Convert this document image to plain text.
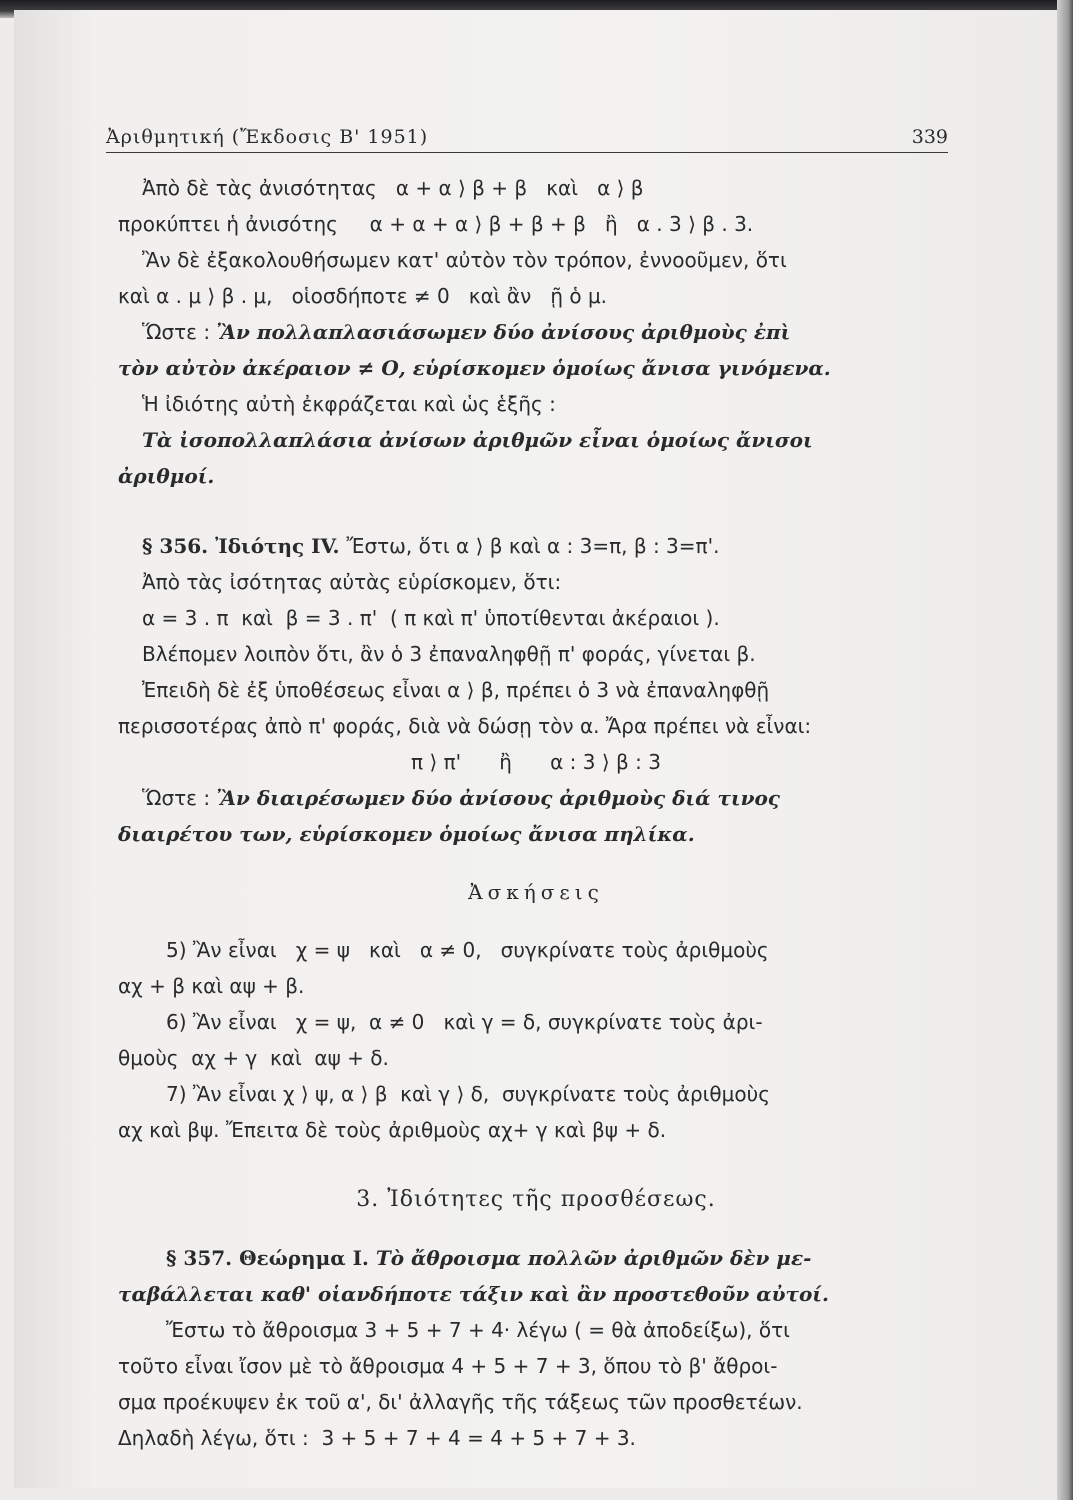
Ἀριθμητική (Ἔκδοσις Β' 1951)	339
Ἀπὸ δὲ τὰς ἀνισότητας   α + α ⟩ β + β   καὶ   α ⟩ β
προκύπτει ἡ ἀνισότης     α + α + α ⟩ β + β + β   ἢ   α . 3 ⟩ β . 3.
Ἂν δὲ ἐξακολουθήσωμεν κατ' αὐτὸν τὸν τρόπον, ἐννοοῦμεν, ὅτι
καὶ α . μ ⟩ β . μ,   οἱοσδήποτε ≠ 0   καὶ ἂν   ῇ ὁ μ.
Ὥστε : Ἂν πολλαπλασιάσωμεν δύο ἀνίσους ἀριθμοὺς ἐπὶ
τὸν αὐτὸν ἀκέραιον ≠ Ο, εὑρίσκομεν ὁμοίως ἄνισα γινόμενα.
Ἡ ἰδιότης αὐτὴ ἐκφράζεται καὶ ὡς ἑξῆς :
Τὰ ἰσοπολλαπλάσια ἀνίσων ἀριθμῶν εἶναι ὁμοίως ἄνισοι
ἀριθμοί.
§ 356. Ἰδιότης IV. Ἔστω, ὅτι α ⟩ β καὶ α : 3=π, β : 3=π'.
Ἀπὸ τὰς ἰσότητας αὐτὰς εὑρίσκομεν, ὅτι:
α = 3 . π  καὶ  β = 3 . π'  ( π καὶ π' ὑποτίθενται ἀκέραιοι ).
Βλέπομεν λοιπὸν ὅτι, ἂν ὁ 3 ἐπαναληφθῇ π' φοράς, γίνεται β.
Ἐπειδὴ δὲ ἐξ ὑποθέσεως εἶναι α ⟩ β, πρέπει ὁ 3 νὰ ἐπαναληφθῇ
περισσοτέρας ἀπὸ π' φοράς, διὰ νὰ δώσῃ τὸν α. Ἄρα πρέπει νὰ εἶναι:
π ⟩ π'      ἢ      α : 3 ⟩ β : 3
Ὥστε : Ἂν διαιρέσωμεν δύο ἀνίσους ἀριθμοὺς διά τινος
διαιρέτου των, εὑρίσκομεν ὁμοίως ἄνισα πηλίκα.
Ἀσκήσεις
5) Ἂν εἶναι   χ = ψ   καὶ   α ≠ 0,   συγκρίνατε τοὺς ἀριθμοὺς
αχ + β καὶ αψ + β.
6) Ἂν εἶναι   χ = ψ,  α ≠ 0   καὶ γ = δ, συγκρίνατε τοὺς ἀρι-
θμοὺς  αχ + γ  καὶ  αψ + δ.
7) Ἂν εἶναι χ ⟩ ψ, α ⟩ β  καὶ γ ⟩ δ,  συγκρίνατε τοὺς ἀριθμοὺς
αχ καὶ βψ. Ἔπειτα δὲ τοὺς ἀριθμοὺς αχ+ γ καὶ βψ + δ.
3. Ἰδιότητες τῆς προσθέσεως.
§ 357. Θεώρημα I. Τὸ ἄθροισμα πολλῶν ἀριθμῶν δὲν με-
ταβάλλεται καθ' οἱανδήποτε τάξιν καὶ ἂν προστεθοῦν αὐτοί.
Ἔστω τὸ ἄθροισμα 3 + 5 + 7 + 4· λέγω ( = θὰ ἀποδείξω), ὅτι
τοῦτο εἶναι ἴσον μὲ τὸ ἄθροισμα 4 + 5 + 7 + 3, ὅπου τὸ β' ἄθροι-
σμα προέκυψεν ἐκ τοῦ α', δι' ἀλλαγῆς τῆς τάξεως τῶν προσθετέων.
Δηλαδὴ λέγω, ὅτι :  3 + 5 + 7 + 4 = 4 + 5 + 7 + 3.
